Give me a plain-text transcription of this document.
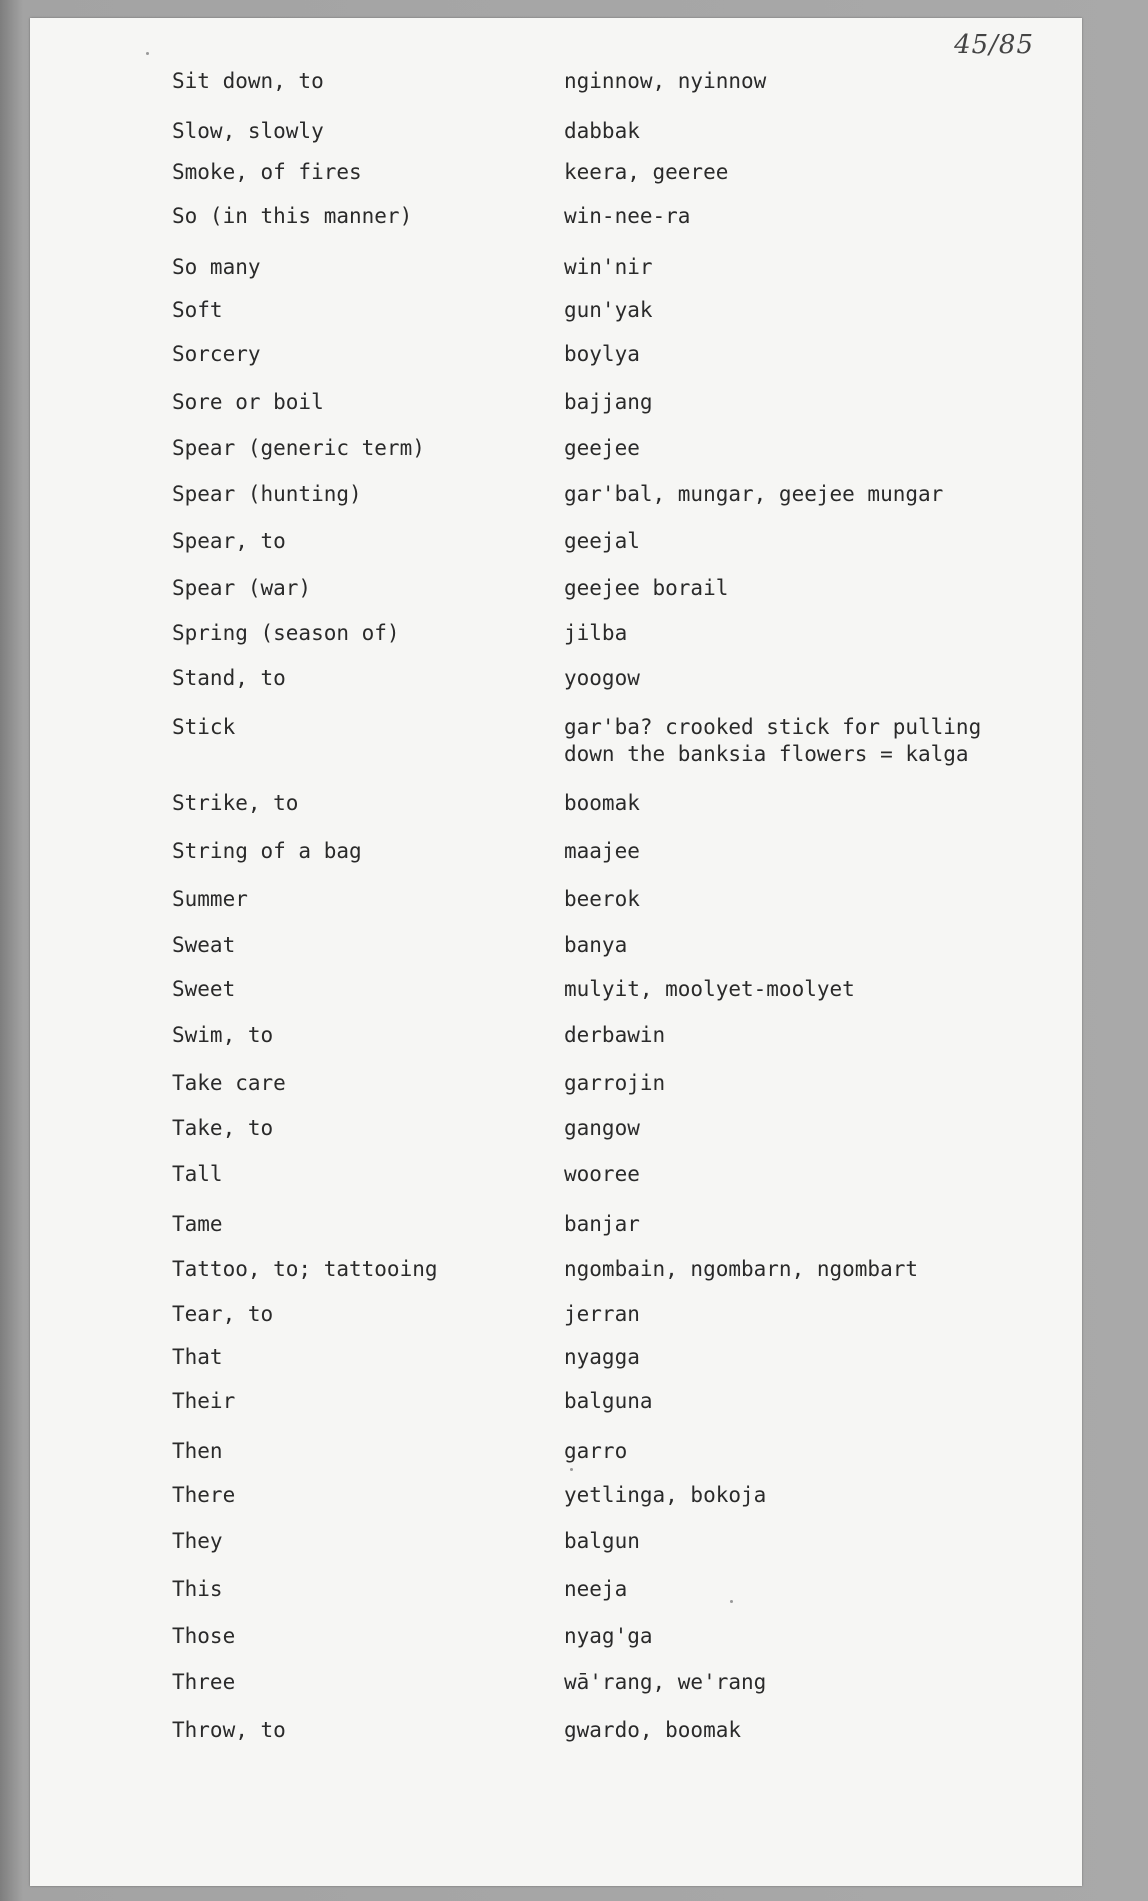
45/85
Sit down, to	nginnow, nyinnow
Slow, slowly	dabbak
Smoke, of fires	keera, geeree
So (in this manner)	win-nee-ra
So many	win'nir
Soft	gun'yak
Sorcery	boylya
Sore or boil	bajjang
Spear (generic term)	geejee
Spear (hunting)	gar'bal, mungar, geejee mungar
Spear, to	geejal
Spear (war)	geejee borail
Spring (season of)	jilba
Stand, to	yoogow
Stick	gar'ba? crooked stick for pulling
down the banksia flowers = kalga
Strike, to	boomak
String of a bag	maajee
Summer	beerok
Sweat	banya
Sweet	mulyit, moolyet-moolyet
Swim, to	derbawin
Take care	garrojin
Take, to	gangow
Tall	wooree
Tame	banjar
Tattoo, to; tattooing	ngombain, ngombarn, ngombart
Tear, to	jerran
That	nyagga
Their	balguna
Then	garro
There	yetlinga, bokoja
They	balgun
This	neeja
Those	nyag'ga
Three	wā'rang, we'rang
Throw, to	gwardo, boomak
